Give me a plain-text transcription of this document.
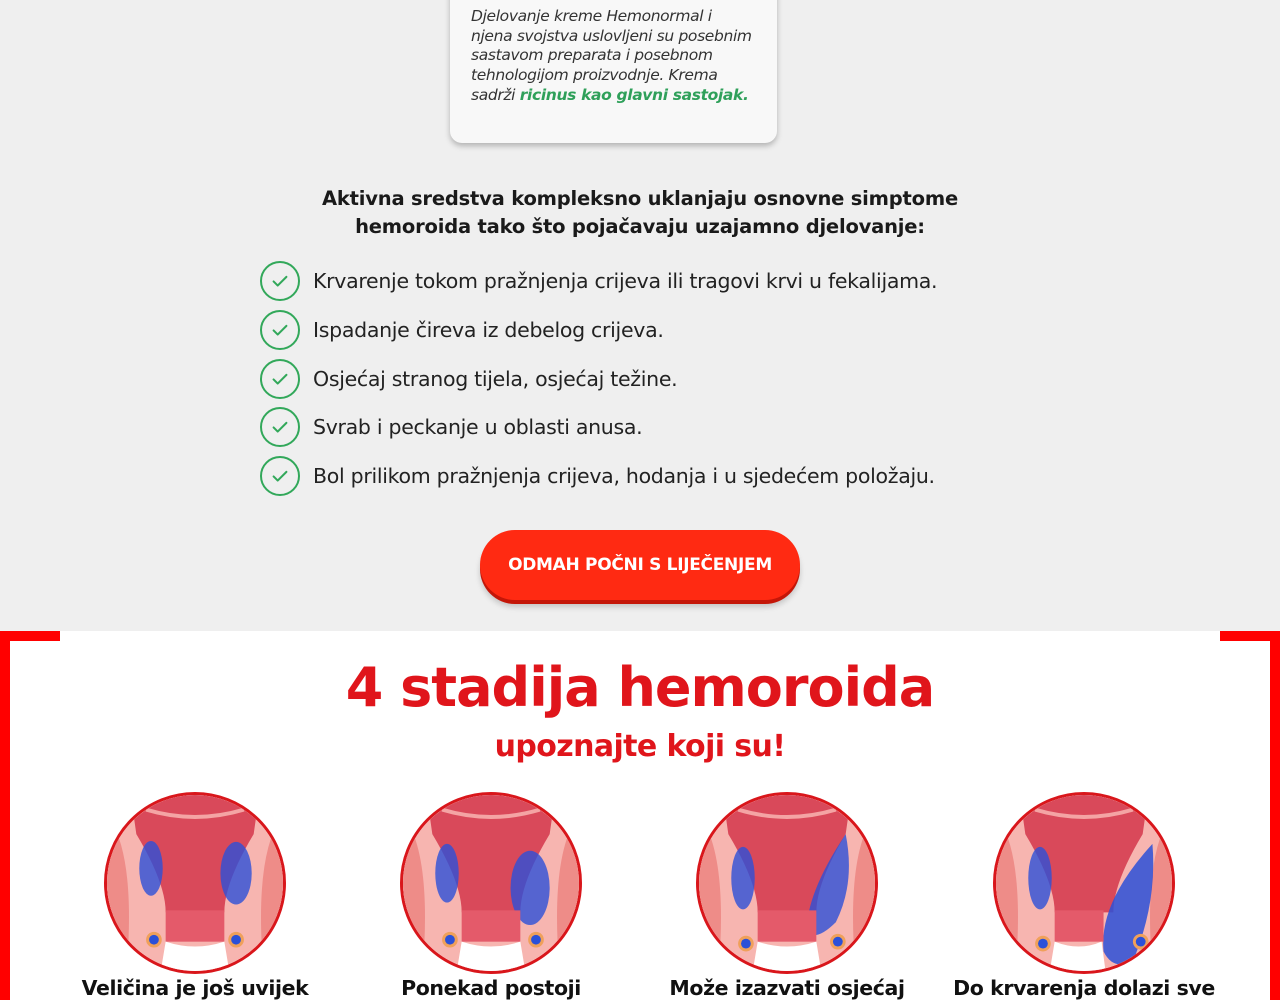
Djelovanje kreme Hemonormal i njena svojstva uslovljeni su posebnim sastavom preparata i posebnom tehnologijom proizvodnje. Krema sadrži ricinus kao glavni sastojak.

Aktivna sredstva kompleksno uklanjaju osnovne simptome
hemoroida tako što pojačavaju uzajamno djelovanje:
Krvarenje tokom pražnjenja crijeva ili tragovi krvi u fekalijama.
Ispadanje čireva iz debelog crijeva.
Osjećaj stranog tijela, osjećaj težine.
Svrab i peckanje u oblasti anusa.
Bol prilikom pražnjenja crijeva, hodanja i u sjedećem položaju.
ODMAH POČNI S LIJEČENJEM
4 stadija hemoroida
upoznajte koji su!
Veličina je još uvijek	Ponekad postoji	Može izazvati osjećaj	Do krvarenja dolazi sve
